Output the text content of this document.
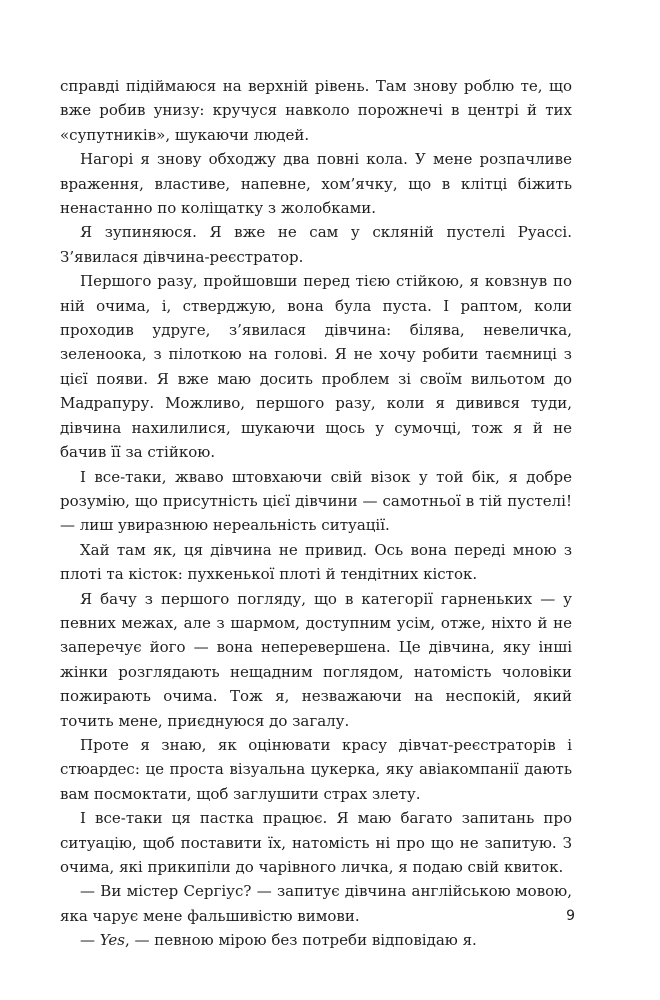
справді підіймаюся на верхній рівень. Там знову роблю те, що вже робив унизу: кручуся навколо порожнечі в центрі й тих «супутників», шукаючи людей.

Нагорі я знову обходжу два повні кола. У мене розпачливе враження, властиве, напевне, хом’ячку, що в клітці біжить ненастанно по коліщатку з жолобками.

Я зупиняюся. Я вже не сам у скляній пустелі Руассі. З’явилася дівчина-реєстратор.

Першого разу, пройшовши перед тією стійкою, я ковзнув по ній очима, і, стверджую, вона була пуста. І раптом, коли проходив удруге, з’явилася дівчина: білява, невеличка, зеленоока, з пілоткою на голові. Я не хочу робити таємниці з цієї появи. Я вже маю досить проблем зі своїм вильотом до Мадрапуру. Можливо, першого разу, коли я дивився туди, дівчина нахилилися, шукаючи щось у сумочці, тож я й не бачив її за стійкою.

І все-таки, жваво штовхаючи свій візок у той бік, я добре розумію, що присутність цієї дівчини — самотньої в тій пустелі! — лиш увиразнюю нереальність ситуації.

Хай там як, ця дівчина не привид. Ось вона переді мною з плоті та кісток: пухкенької плоті й тендітних кісток.

Я бачу з першого погляду, що в категорії гарненьких — у певних межах, але з шармом, доступним усім, отже, ніхто й не заперечує його — вона неперевершена. Це дівчина, яку інші жінки розглядають нещадним поглядом, натомість чоловіки пожирають очима. Тож я, незважаючи на неспокій, який точить мене, приєднуюся до загалу.

Проте я знаю, як оцінювати красу дівчат-реєстраторів і стюардес: це проста візуальна цукерка, яку авіакомпанії дають вам посмоктати, щоб заглушити страх злету.

І все-таки ця пастка працює. Я маю багато запитань про ситуацію, щоб поставити їх, натомість ні про що не запитую. З очима, які прикипіли до чарівного личка, я подаю свій квиток.

— Ви містер Сергіус? — запитує дівчина англійською мовою, яка чарує мене фальшивістю вимови.

— Yes, — певною мірою без потреби відповідаю я.

9
